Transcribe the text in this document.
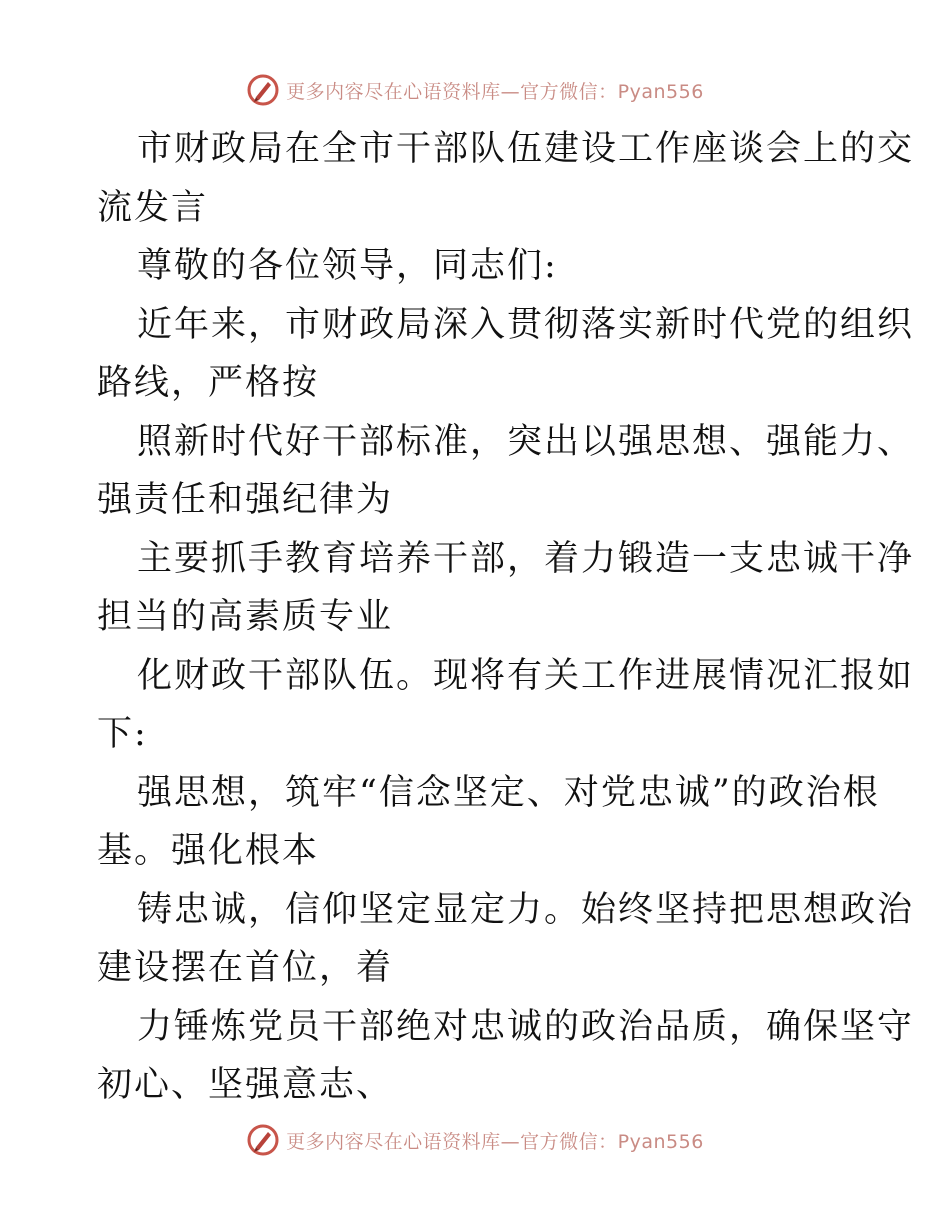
更多内容尽在心语资料库—官方微信：Pyan556
市财政局在全市干部队伍建设工作座谈会上的交
流发言
尊敬的各位领导，同志们:
近年来，市财政局深入贯彻落实新时代党的组织
路线，严格按
照新时代好干部标准，突出以强思想、强能力、
强责任和强纪律为
主要抓手教育培养干部，着力锻造一支忠诚干净
担当的高素质专业
化财政干部队伍。现将有关工作进展情况汇报如
下:
强思想，筑牢“信念坚定、对党忠诚”的政治根
基。强化根本
铸忠诚，信仰坚定显定力。始终坚持把思想政治
建设摆在首位，着
力锤炼党员干部绝对忠诚的政治品质，确保坚守
初心、坚强意志、
更多内容尽在心语资料库—官方微信：Pyan556
